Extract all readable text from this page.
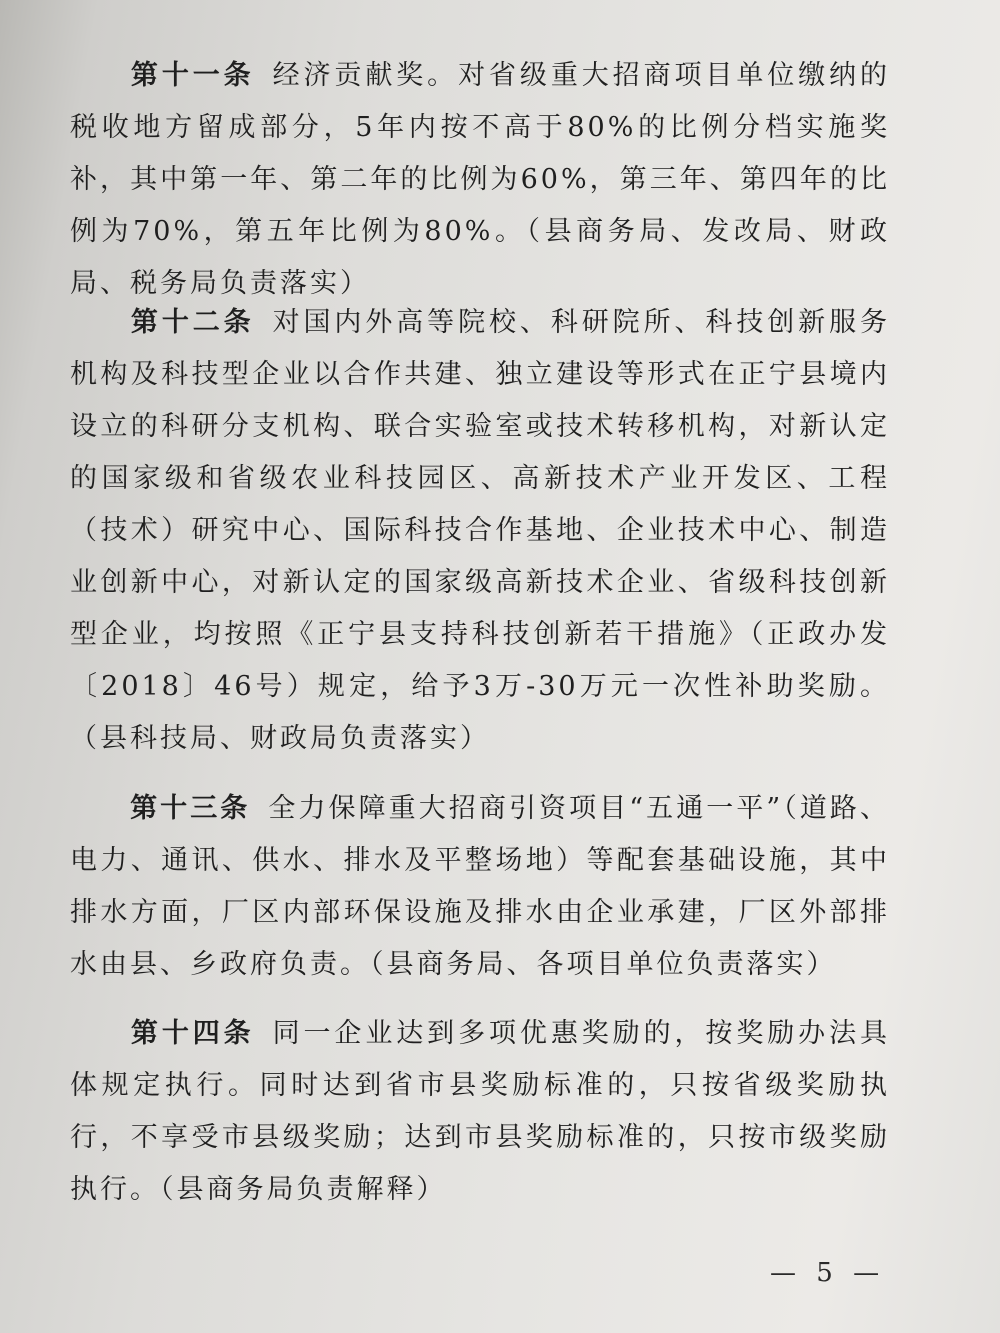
第十一条 经济贡献奖。对省级重大招商项目单位缴纳的税收地方留成部分，5年内按不高于80%的比例分档实施奖补，其中第一年、第二年的比例为60%，第三年、第四年的比例为70%，第五年比例为80%。（县商务局、发改局、财政局、税务局负责落实）

第十二条 对国内外高等院校、科研院所、科技创新服务机构及科技型企业以合作共建、独立建设等形式在正宁县境内设立的科研分支机构、联合实验室或技术转移机构，对新认定的国家级和省级农业科技园区、高新技术产业开发区、工程（技术）研究中心、国际科技合作基地、企业技术中心、制造业创新中心，对新认定的国家级高新技术企业、省级科技创新型企业，均按照《正宁县支持科技创新若干措施》（正政办发〔2018〕46号）规定，给予3万-30万元一次性补助奖励。（县科技局、财政局负责落实）

第十三条 全力保障重大招商引资项目“五通一平”（道路、电力、通讯、供水、排水及平整场地）等配套基础设施，其中排水方面，厂区内部环保设施及排水由企业承建，厂区外部排水由县、乡政府负责。（县商务局、各项目单位负责落实）

第十四条 同一企业达到多项优惠奖励的，按奖励办法具体规定执行。同时达到省市县奖励标准的，只按省级奖励执行，不享受市县级奖励；达到市县奖励标准的，只按市级奖励执行。（县商务局负责解释）

— 5 —
